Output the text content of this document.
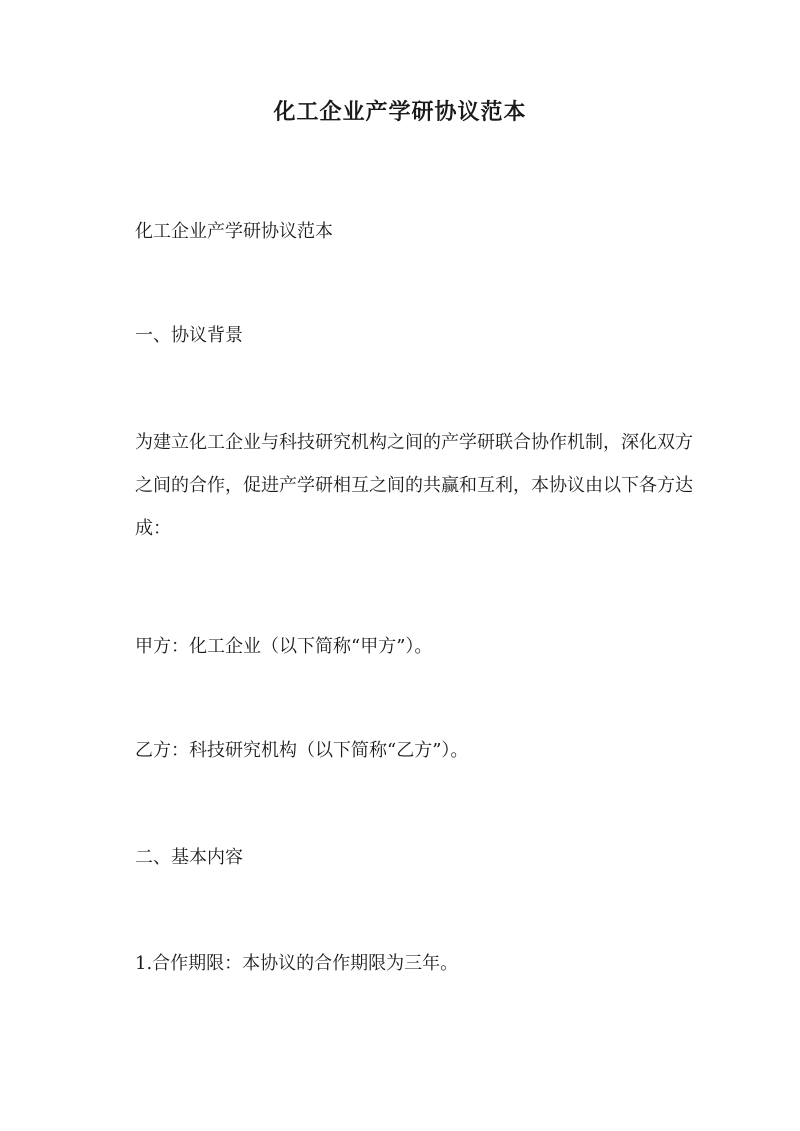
化工企业产学研协议范本

化工企业产学研协议范本

一、协议背景

为建立化工企业与科技研究机构之间的产学研联合协作机制，深化双方之间的合作，促进产学研相互之间的共赢和互利，本协议由以下各方达成：

甲方：化工企业（以下简称“甲方”）。

乙方：科技研究机构（以下简称“乙方”）。

二、基本内容

1.合作期限：本协议的合作期限为三年。
